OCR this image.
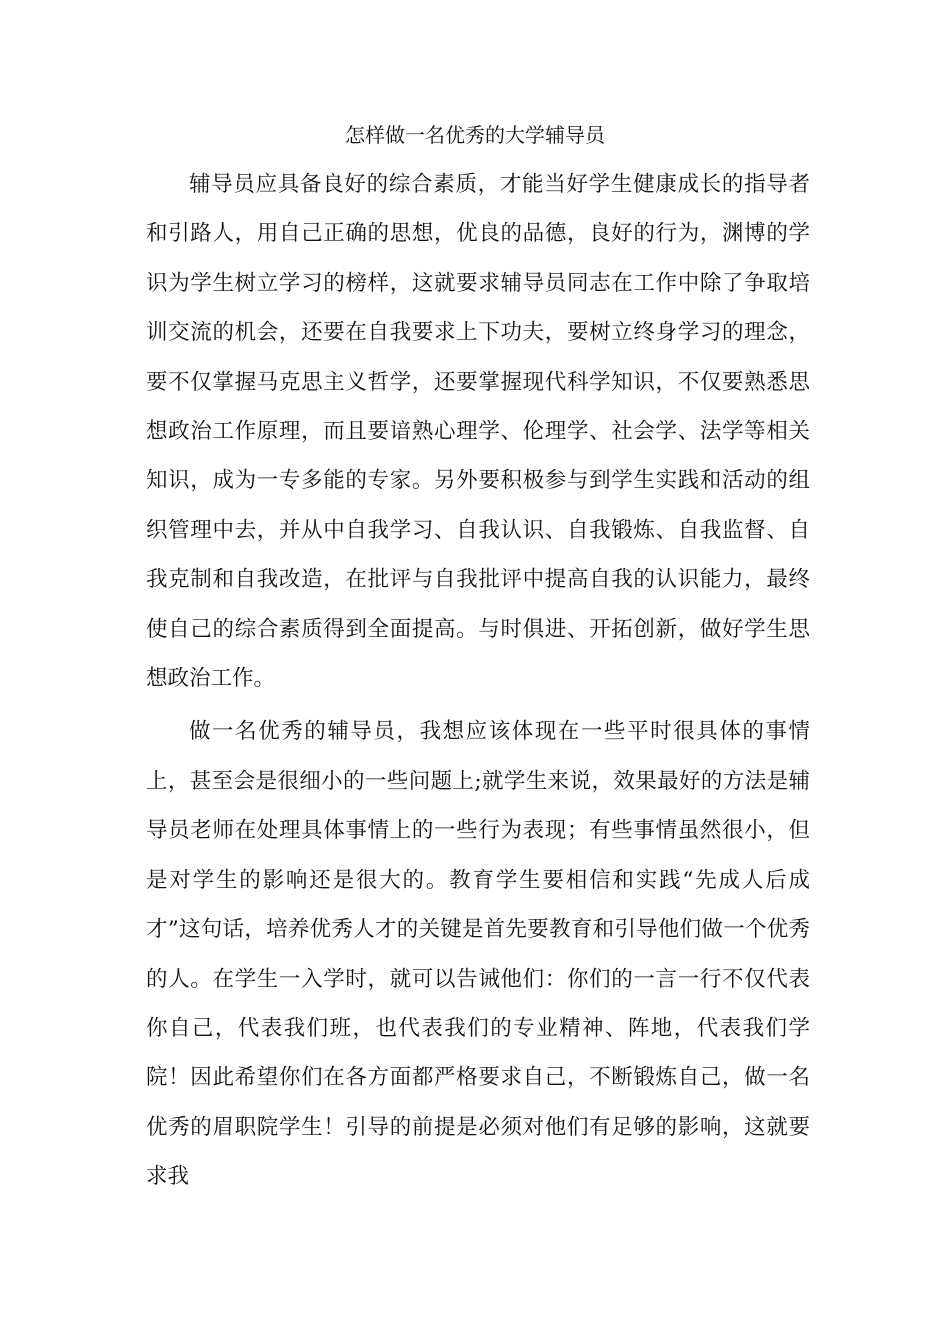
怎样做一名优秀的大学辅导员

辅导员应具备良好的综合素质，才能当好学生健康成长的指导者和引路人，用自己正确的思想，优良的品德，良好的行为，渊博的学识为学生树立学习的榜样，这就要求辅导员同志在工作中除了争取培训交流的机会，还要在自我要求上下功夫，要树立终身学习的理念，要不仅掌握马克思主义哲学，还要掌握现代科学知识，不仅要熟悉思想政治工作原理，而且要谙熟心理学、伦理学、社会学、法学等相关知识，成为一专多能的专家。另外要积极参与到学生实践和活动的组织管理中去，并从中自我学习、自我认识、自我锻炼、自我监督、自我克制和自我改造，在批评与自我批评中提高自我的认识能力，最终使自己的综合素质得到全面提高。与时俱进、开拓创新，做好学生思想政治工作。

做一名优秀的辅导员，我想应该体现在一些平时很具体的事情上，甚至会是很细小的一些问题上;就学生来说，效果最好的方法是辅导员老师在处理具体事情上的一些行为表现；有些事情虽然很小，但是对学生的影响还是很大的。教育学生要相信和实践“先成人后成才”这句话，培养优秀人才的关键是首先要教育和引导他们做一个优秀的人。在学生一入学时，就可以告诫他们：你们的一言一行不仅代表你自己，代表我们班，也代表我们的专业精神、阵地，代表我们学院！因此希望你们在各方面都严格要求自己，不断锻炼自己，做一名优秀的眉职院学生！引导的前提是必须对他们有足够的影响，这就要求我
